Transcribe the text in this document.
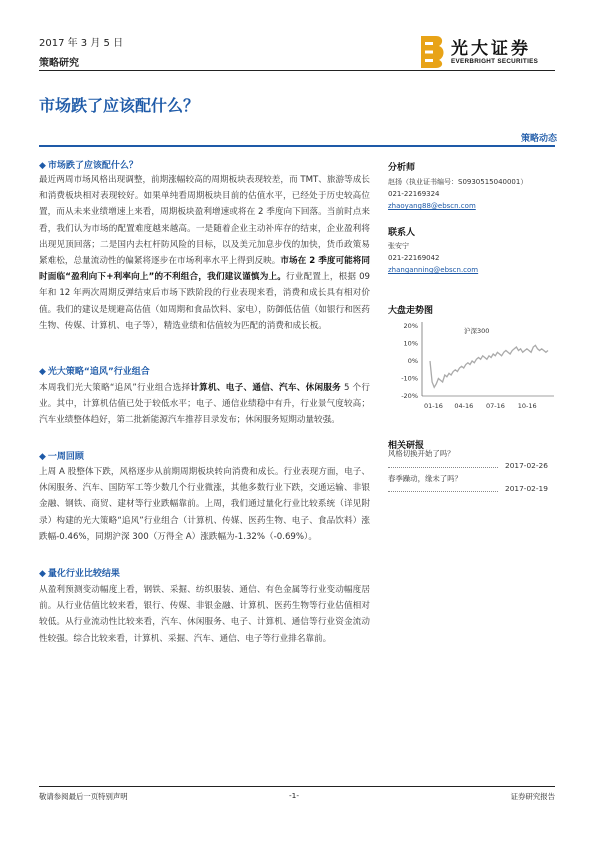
2017 年 3 月 5 日
策略研究
光大证券
EVERBRIGHT SECURITIES
市场跌了应该配什么？
策略动态
◆ 市场跌了应该配什么？
最近两周市场风格出现调整，前期涨幅较高的周期板块表现较差，而 TMT、旅游等成长和消费板块相对表现较好。如果单纯看周期板块目前的估值水平，已经处于历史较高位置，而从未来业绩增速上来看，周期板块盈利增速或将在 2 季度向下回落。当前时点来看，我们认为市场的配置难度越来越高。一是随着企业主动补库存的结束，企业盈利将出现见顶回落；二是国内去杠杆防风险的目标，以及美元加息步伐的加快，货币政策易紧难松，总量流动性的偏紧将逐步在市场利率水平上得到反映。市场在 2 季度可能将同时面临“盈利向下+利率向上”的不利组合，我们建议谨慎为上。行业配置上，根据 09 年和 12 年两次周期反弹结束后市场下跌阶段的行业表现来看，消费和成长具有相对价值。我们的建议是规避高估值（如周期和食品饮料、家电），防御低估值（如银行和医药生物、传媒、计算机、电子等），精选业绩和估值较为匹配的消费和成长板。
◆ 光大策略“追风”行业组合
本周我们光大策略“追风”行业组合选择计算机、电子、通信、汽车、休闲服务 5 个行业。其中，计算机估值已处于较低水平；电子、通信业绩稳中有升，行业景气度较高；汽车业绩整体趋好，第二批新能源汽车推荐目录发布；休闲服务短期动量较强。
◆ 一周回顾
上周 A 股整体下跌，风格逐步从前期周期板块转向消费和成长。行业表现方面，电子、休闲服务、汽车、国防军工等少数几个行业微涨，其他多数行业下跌，交通运输、非银金融、钢铁、商贸、建材等行业跌幅靠前。上周，我们通过量化行业比较系统（详见附录）构建的光大策略“追风”行业组合（计算机、传媒、医药生物、电子、食品饮料）涨跌幅-0.46%，同期沪深 300（万得全 A）涨跌幅为-1.32%（-0.69%）。
◆ 量化行业比较结果
从盈利预测变动幅度上看，钢铁、采掘、纺织服装、通信、有色金属等行业变动幅度居前。从行业估值比较来看，银行、传媒、非银金融、计算机、医药生物等行业估值相对较低。从行业流动性比较来看，汽车、休闲服务、电子、计算机、通信等行业资金流动性较强。综合比较来看，计算机、采掘、汽车、通信、电子等行业排名靠前。
分析师
赵扬（执业证书编号：S0930515040001）
021-22169324
zhaoyang88@ebscn.com
联系人
张安宁
021-22169042
zhanganning@ebscn.com
大盘走势图
20%
10%
0%
-10%
-20%
01-16 04-16 07-16 10-16
沪深300
相关研报
风格切换开始了吗？
2017-02-26
春季躁动，缘未了吗？
2017-02-19
敬请参阅最后一页特别声明	-1-	证券研究报告
